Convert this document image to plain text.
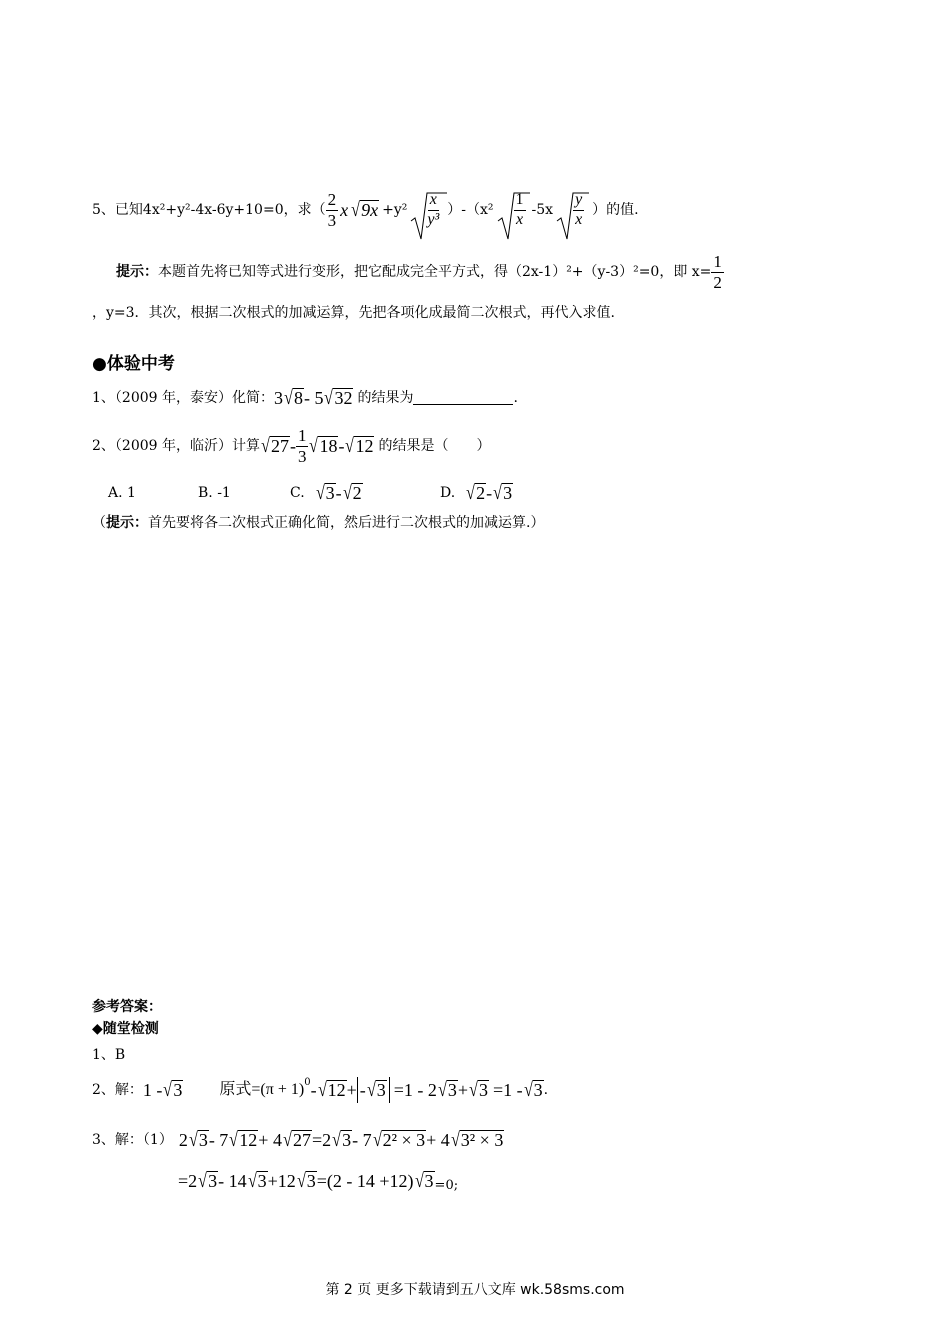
5、已知 4x²+y²-4x-6y+10=0 ，求（ $\frac{2}{3}$ x √ $9x +y^2 \frac{x}{\text{y³}} )-(x^2 \frac{1}{x} -5x \frac{y}{x}$ ）的值.
提示： 本题首先将已知等式进行变形，把它配成完全平方式，得（2x-1）²+（y-3）²=0，即 $x= \frac{1}{2}$
，y=3．其次，根据二次根式的加减运算，先把各项化成最简二次根式，再代入求值.
●体验中考
1、（2009 年，泰安）化简： 3 √ 8 - 5 √ 32 的结果为	.
2、（2009 年，临沂）计算 √ $27 - \frac{1}{3}$ √ 18 - √ 12 的结果是（　　）
A. 1	B. -1	C. √ 3 - √ 2	D. √ 2 - √ 3
（提示：首先要将各二次根式正确化简，然后进行二次根式的加减运算.）
参考答案：
◆随堂检测
1、B
2、解： 1 - √ 3 原式$=(\pi + 1)^0$ - √ 12 + - √ 3 =1 - 2 √ 3 + √ 3 =1 - √ 3 .
3、解：（1） 2 √ 3 - 7 √ 12 + 4 √ 27 =2 √ 3 - 7 √ 2² × 3 + 4 √ 3² × 3
=2 √ 3 - 14 √ 3 +12 √ 3 =(2 - 14 +12) √ 3 =0;
第 2 页 更多下载请到五八文库 wk.58sms.com
